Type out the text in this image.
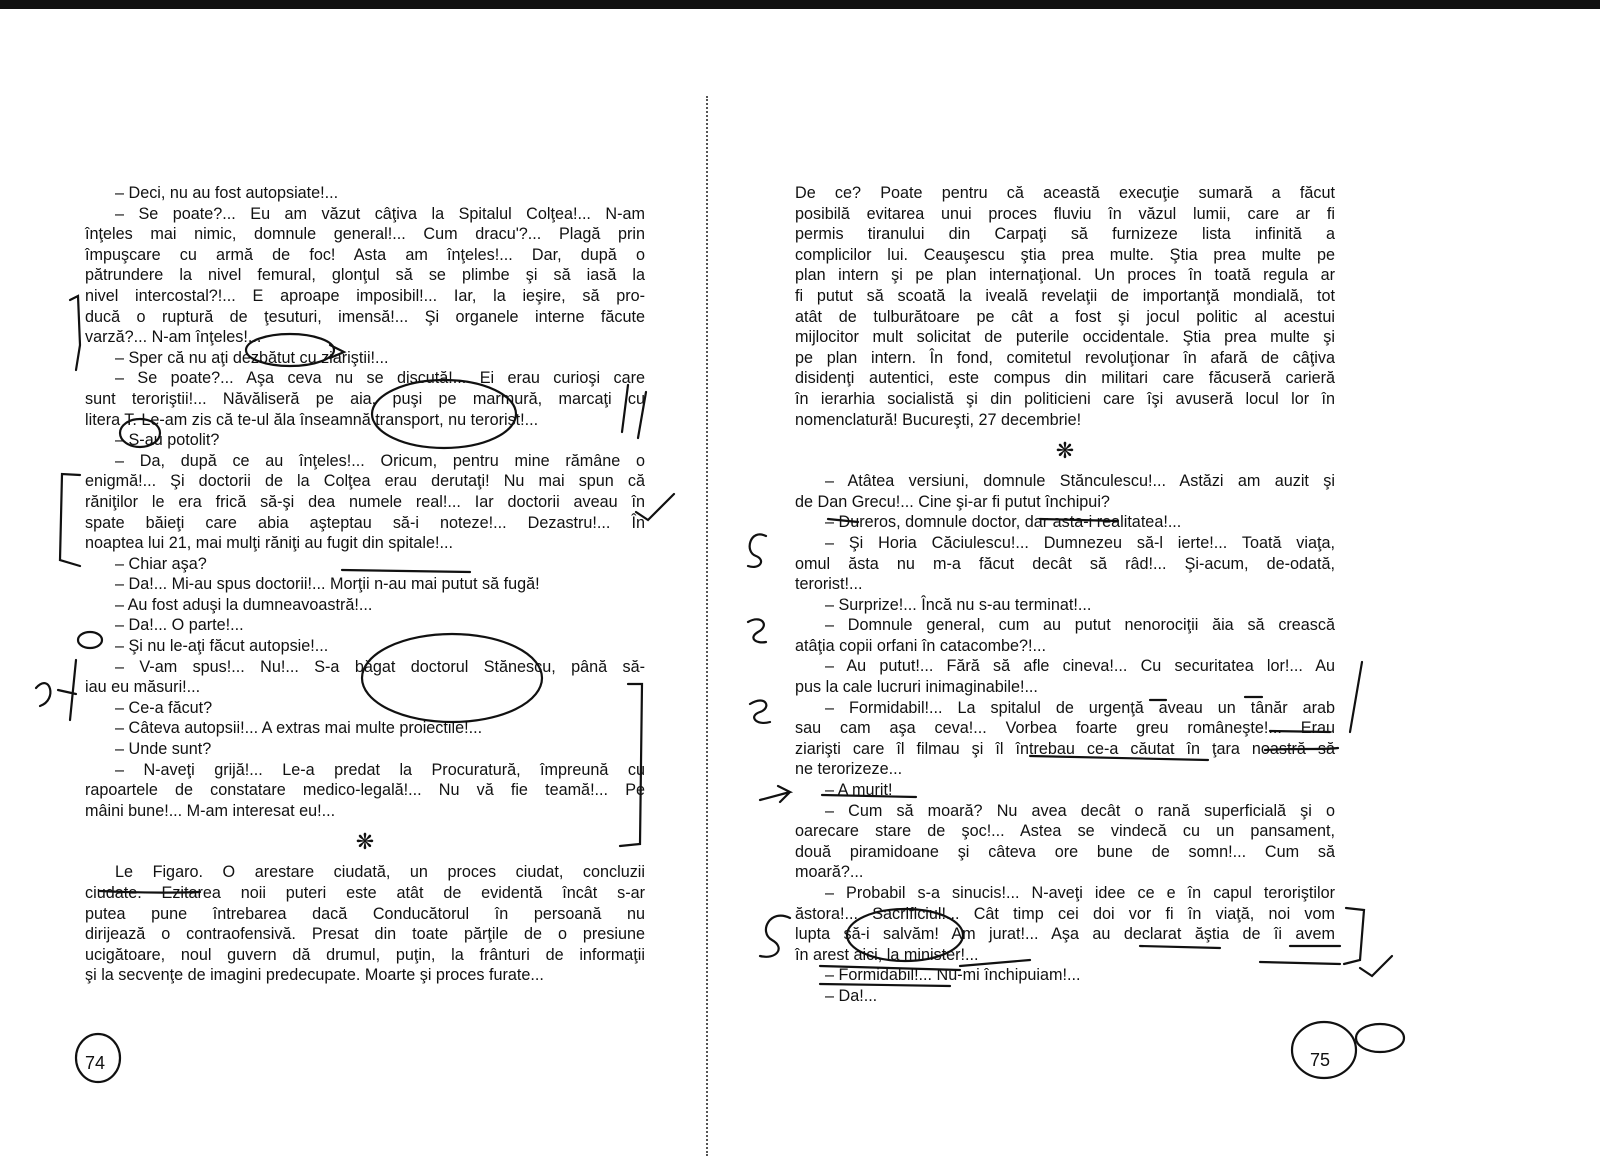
– Deci, nu au fost autopsiate!...
– Se poate?... Eu am văzut câţiva la Spitalul Colţea!... N-am
înţeles mai nimic, domnule general!... Cum dracu'?... Plagă prin
împuşcare cu armă de foc! Asta am înţeles!... Dar, după o
pătrundere la nivel femural, glonţul să se plimbe şi să iasă la
nivel intercostal?!... E aproape imposibil!... Iar, la ieşire, să pro-
ducă o ruptură de ţesuturi, imensă!... Şi organele interne făcute
varză?... N-am înţeles!...
– Sper că nu aţi dezbătut cu ziariştii!...
– Se poate?... Aşa ceva nu se discută!... Ei erau curioşi care
sunt teroriştii!... Năvăliseră pe aia, puşi pe marmură, marcaţi cu
litera T. Le-am zis că te-ul ăla înseamnă transport, nu terorist!...
– S-au potolit?
– Da, după ce au înţeles!... Oricum, pentru mine rămâne o
enigmă!... Şi doctorii de la Colţea erau derutaţi! Nu mai spun că
răniţilor le era frică să-şi dea numele real!... Iar doctorii aveau în
spate băieţi care abia aşteptau să-i noteze!... Dezastru!... În
noaptea lui 21, mai mulţi răniţi au fugit din spitale!...
– Chiar aşa?
– Da!... Mi-au spus doctorii!... Morţii n-au mai putut să fugă!
– Au fost aduşi la dumneavoastră!...
– Da!... O parte!...
– Şi nu le-aţi făcut autopsie!...
– V-am spus!... Nu!... S-a băgat doctorul Stănescu, până să-
iau eu măsuri!...
– Ce-a făcut?
– Câteva autopsii!... A extras mai multe proiectile!...
– Unde sunt?
– N-aveţi grijă!... Le-a predat la Procuratură, împreună cu
rapoartele de constatare medico-legală!... Nu vă fie teamă!... Pe
mâini bune!... M-am interesat eu!...
❋
Le Figaro. O arestare ciudată, un proces ciudat, concluzii
ciudate. Ezitarea noii puteri este atât de evidentă încât s-ar
putea pune întrebarea dacă Conducătorul în persoană nu
dirijează o contraofensivă. Presat din toate părţile de o presiune
ucigătoare, noul guvern dă drumul, puţin, la frânturi de informaţii
şi la secvenţe de imagini predecupate. Moarte şi proces furate...
74
De ce? Poate pentru că această execuţie sumară a făcut
posibilă evitarea unui proces fluviu în văzul lumii, care ar fi
permis tiranului din Carpaţi să furnizeze lista infinită a
complicilor lui. Ceauşescu ştia prea multe. Ştia prea multe pe
plan intern şi pe plan internaţional. Un proces în toată regula ar
fi putut să scoată la iveală revelaţii de importanţă mondială, tot
atât de tulburătoare pe cât a fost şi jocul politic al acestui
mijlocitor mult solicitat de puterile occidentale. Ştia prea multe şi
pe plan intern. În fond, comitetul revoluţionar în afară de câţiva
disidenţi autentici, este compus din militari care făcuseră carieră
în ierarhia socialistă şi din politicieni care îşi avuseră locul lor în
nomenclatură! Bucureşti, 27 decembrie!
❋
– Atâtea versiuni, domnule Stănculescu!... Astăzi am auzit şi
de Dan Grecu!... Cine şi-ar fi putut închipui?
– Dureros, domnule doctor, dar asta-i realitatea!...
– Şi Horia Căciulescu!... Dumnezeu să-l ierte!... Toată viaţa,
omul ăsta nu m-a făcut decât să râd!... Şi-acum, de-odată,
terorist!...
– Surprize!... Încă nu s-au terminat!...
– Domnule general, cum au putut nenorociţii ăia să crească
atâţia copii orfani în catacombe?!...
– Au putut!... Fără să afle cineva!... Cu securitatea lor!... Au
pus la cale lucruri inimaginabile!...
– Formidabil!... La spitalul de urgenţă aveau un tânăr arab
sau cam aşa ceva!... Vorbea foarte greu româneşte!... Erau
ziarişti care îl filmau şi îl întrebau ce-a căutat în ţara noastră să
ne terorizeze...
– A murit!
– Cum să moară? Nu avea decât o rană superficială şi o
oarecare stare de şoc!... Astea se vindecă cu un pansament,
două piramidoane şi câteva ore bune de somn!... Cum să
moară?...
– Probabil s-a sinucis!... N-aveţi idee ce e în capul teroriştilor
ăstora!... Sacrificiul!... Cât timp cei doi vor fi în viaţă, noi vom
lupta să-i salvăm! Am jurat!... Aşa au declarat ăştia de îi avem
în arest aici, la minister!...
– Formidabil!... Nu-mi închipuiam!...
– Da!...
75
